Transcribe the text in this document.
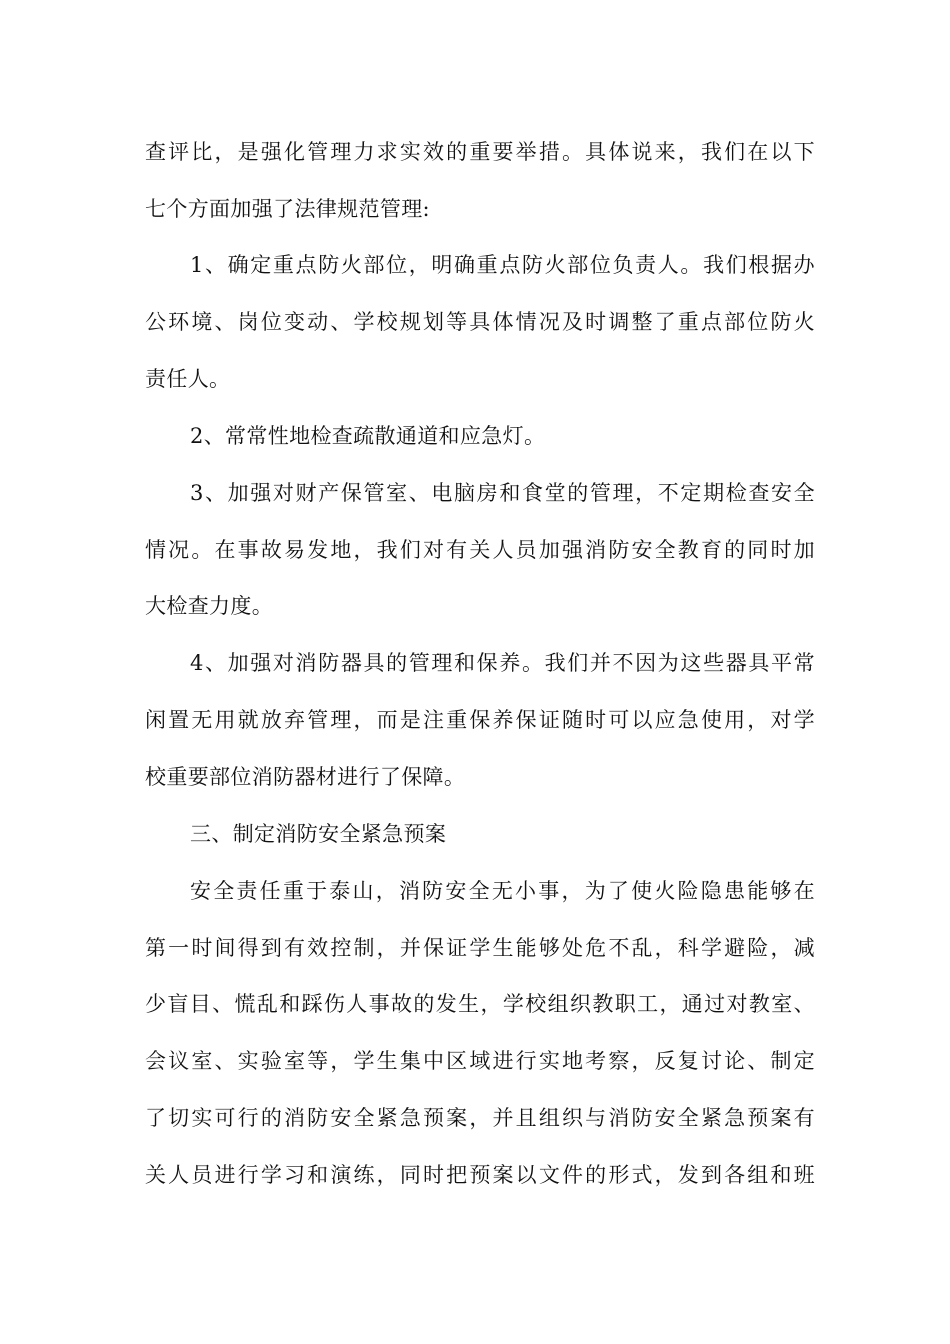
查评比，是强化管理力求实效的重要举措。具体说来，我们在以下
七个方面加强了法律规范管理:
1、确定重点防火部位，明确重点防火部位负责人。我们根据办
公环境、岗位变动、学校规划等具体情况及时调整了重点部位防火
责任人。
2、常常性地检查疏散通道和应急灯。
3、加强对财产保管室、电脑房和食堂的管理，不定期检查安全
情况。在事故易发地，我们对有关人员加强消防安全教育的同时加
大检查力度。
4、加强对消防器具的管理和保养。我们并不因为这些器具平常
闲置无用就放弃管理，而是注重保养保证随时可以应急使用，对学
校重要部位消防器材进行了保障。
三、制定消防安全紧急预案
安全责任重于泰山，消防安全无小事，为了使火险隐患能够在
第一时间得到有效控制，并保证学生能够处危不乱，科学避险，减
少盲目、慌乱和踩伤人事故的发生，学校组织教职工，通过对教室、
会议室、实验室等，学生集中区域进行实地考察，反复讨论、制定
了切实可行的消防安全紧急预案，并且组织与消防安全紧急预案有
关人员进行学习和演练，同时把预案以文件的形式，发到各组和班
